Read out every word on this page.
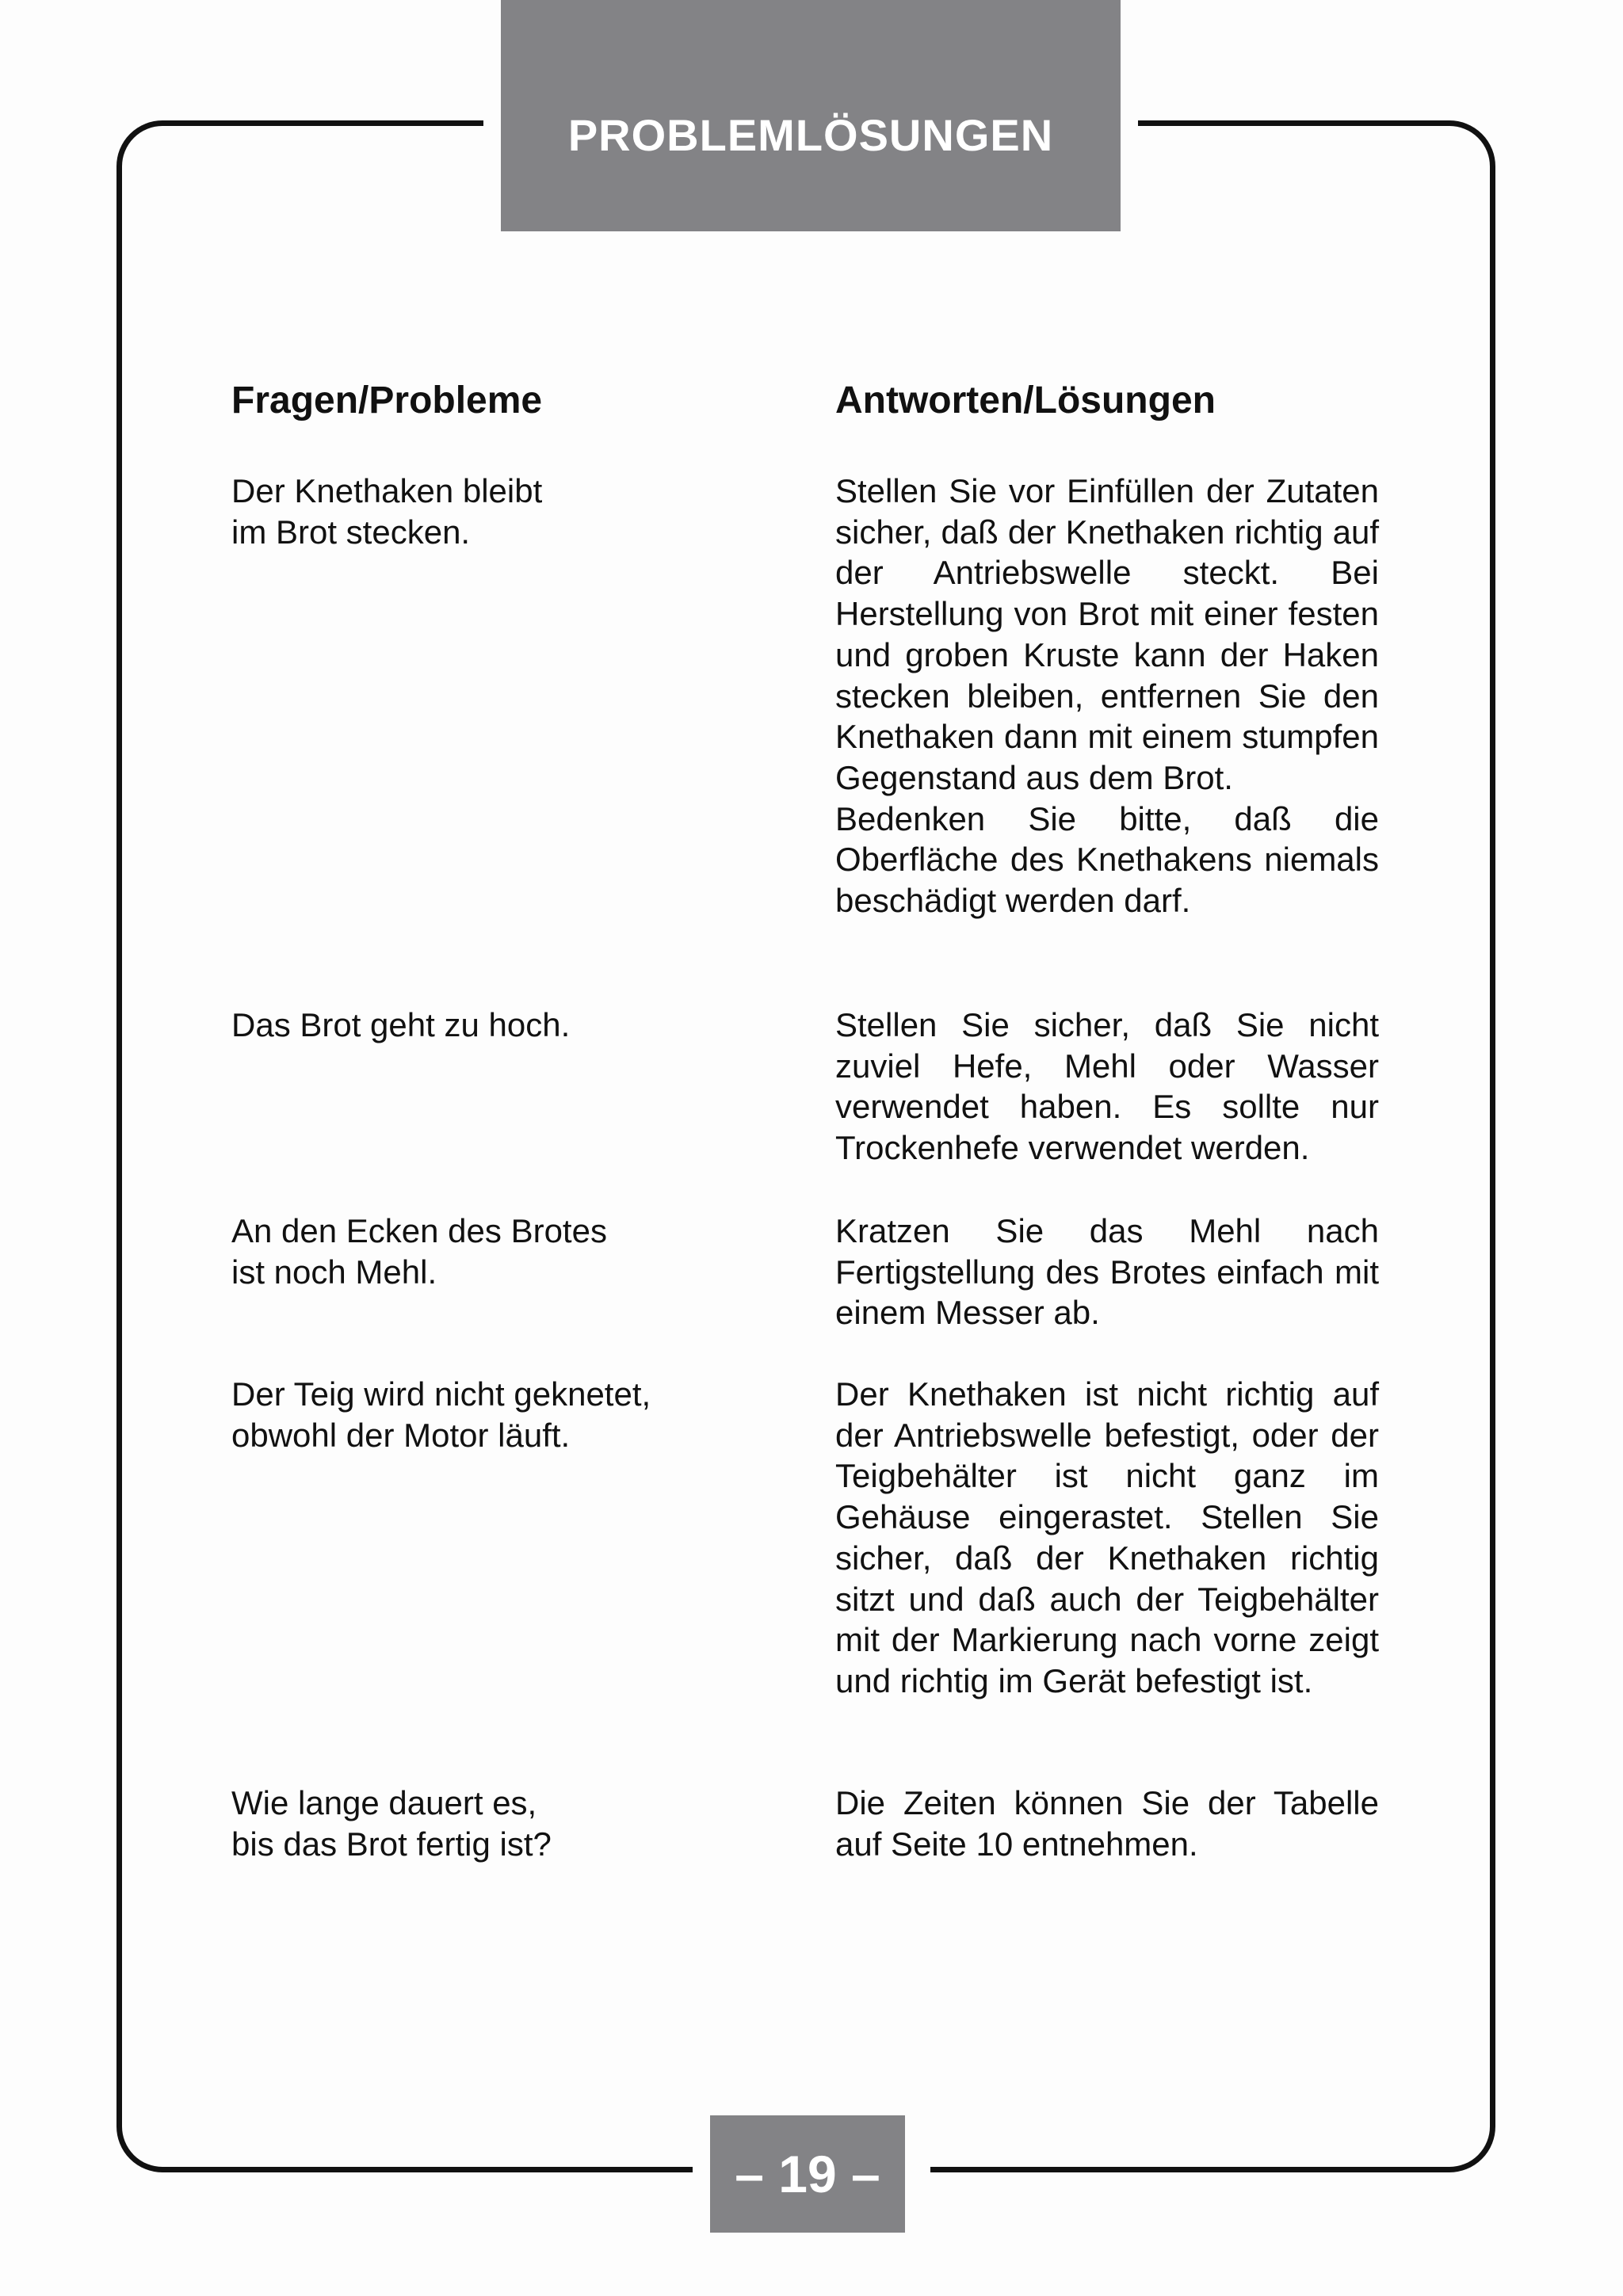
PROBLEMLÖSUNGEN
Fragen/Probleme	Antworten/Lösungen
Der Knethaken bleibt
im Brot stecken.

Stellen Sie vor Einfüllen der Zutaten sicher, daß der Knethaken richtig auf der Antriebswelle steckt. Bei Herstellung von Brot mit einer festen und groben Kruste kann der Haken stecken bleiben, entfernen Sie den Knethaken dann mit einem stumpfen Gegenstand aus dem Brot.

Bedenken Sie bitte, daß die Oberfläche des Knethakens niemals beschädigt werden darf.

Das Brot geht zu hoch.	Stellen Sie sicher, daß Sie nicht zuviel Hefe, Mehl oder Wasser verwendet haben. Es sollte nur Trockenhefe verwendet werden.

An den Ecken des Brotes
ist noch Mehl.

Kratzen Sie das Mehl nach Fertigstellung des Brotes einfach mit einem Messer ab.

Der Teig wird nicht geknetet,
obwohl der Motor läuft.

Der Knethaken ist nicht richtig auf der Antriebswelle befestigt, oder der Teigbehälter ist nicht ganz im Gehäuse eingerastet. Stellen Sie sicher, daß der Knethaken richtig sitzt und daß auch der Teigbehälter mit der Markierung nach vorne zeigt und richtig im Gerät befestigt ist.

Wie lange dauert es,
bis das Brot fertig ist?

Die Zeiten können Sie der Tabelle auf Seite 10 entnehmen.

– 19 –
